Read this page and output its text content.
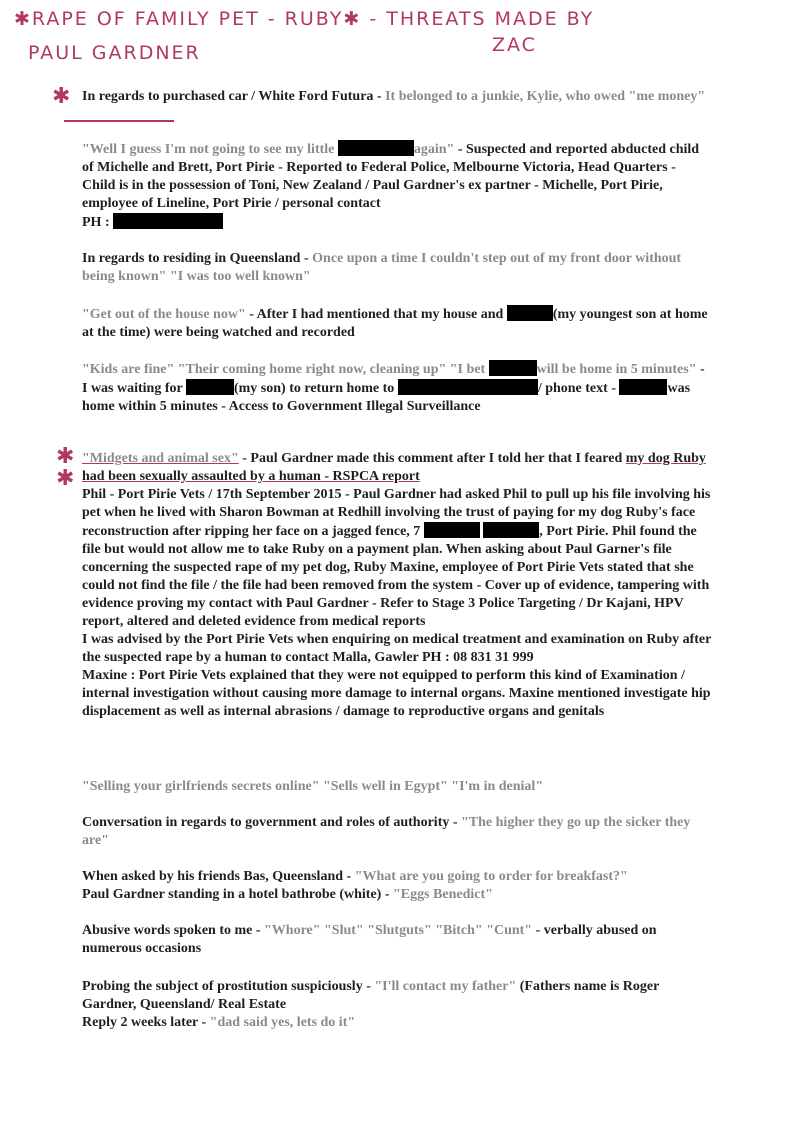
✱RAPE OF FAMILY PET - RUBY✱ - THREATS MADE BY
PAUL GARDNER	ZAC
✱
✱
✱
In regards to purchased car / White Ford Futura - It belonged to a junkie, Kylie, who owed "me money"
"Well I guess I'm not going to see my little	again" - Suspected and reported abducted child of Michelle and Brett, Port Pirie - Reported to Federal Police, Melbourne Victoria, Head Quarters - Child is in the possession of Toni, New Zealand / Paul Gardner's ex partner - Michelle, Port Pirie, employee of Lineline, Port Pirie / personal contact
PH :
In regards to residing in Queensland - Once upon a time I couldn't step out of my front door without being known" "I was too well known"
"Get out of the house now" - After I had mentioned that my house and	(my youngest son at home at the time) were being watched and recorded
"Kids are fine" "Their coming home right now, cleaning up" "I bet	will be home in 5 minutes" - I was waiting for	(my son) to return home to	/ phone text -	was home within 5 minutes - Access to Government Illegal Surveillance
"Midgets and animal sex" - Paul Gardner made this comment after I told her that I feared my dog Ruby had been sexually assaulted by a human - RSPCA report
Phil - Port Pirie Vets / 17th September 2015 - Paul Gardner had asked Phil to pull up his file involving his pet when he lived with Sharon Bowman at Redhill involving the trust of paying for my dog Ruby's face reconstruction after ripping her face on a jagged fence, 7	, Port Pirie. Phil found the file but would not allow me to take Ruby on a payment plan. When asking about Paul Garner's file concerning the suspected rape of my pet dog, Ruby Maxine, employee of Port Pirie Vets stated that she could not find the file / the file had been removed from the system - Cover up of evidence, tampering with evidence proving my contact with Paul Gardner - Refer to Stage 3 Police Targeting / Dr Kajani, HPV report, altered and deleted evidence from medical reports
I was advised by the Port Pirie Vets when enquiring on medical treatment and examination on Ruby after the suspected rape by a human to contact Malla, Gawler PH : 08 831 31 999
Maxine : Port Pirie Vets explained that they were not equipped to perform this kind of Examination / internal investigation without causing more damage to internal organs. Maxine mentioned investigate hip displacement as well as internal abrasions / damage to reproductive organs and genitals
"Selling your girlfriends secrets online" "Sells well in Egypt" "I'm in denial"
Conversation in regards to government and roles of authority - "The higher they go up the sicker they are"
When asked by his friends Bas, Queensland - "What are you going to order for breakfast?"
Paul Gardner standing in a hotel bathrobe (white) - "Eggs Benedict"
Abusive words spoken to me - "Whore" "Slut" "Slutguts" "Bitch" "Cunt" - verbally abused on numerous occasions
Probing the subject of prostitution suspiciously - "I'll contact my father" (Fathers name is Roger Gardner, Queensland/ Real Estate
Reply 2 weeks later - "dad said yes, lets do it"
